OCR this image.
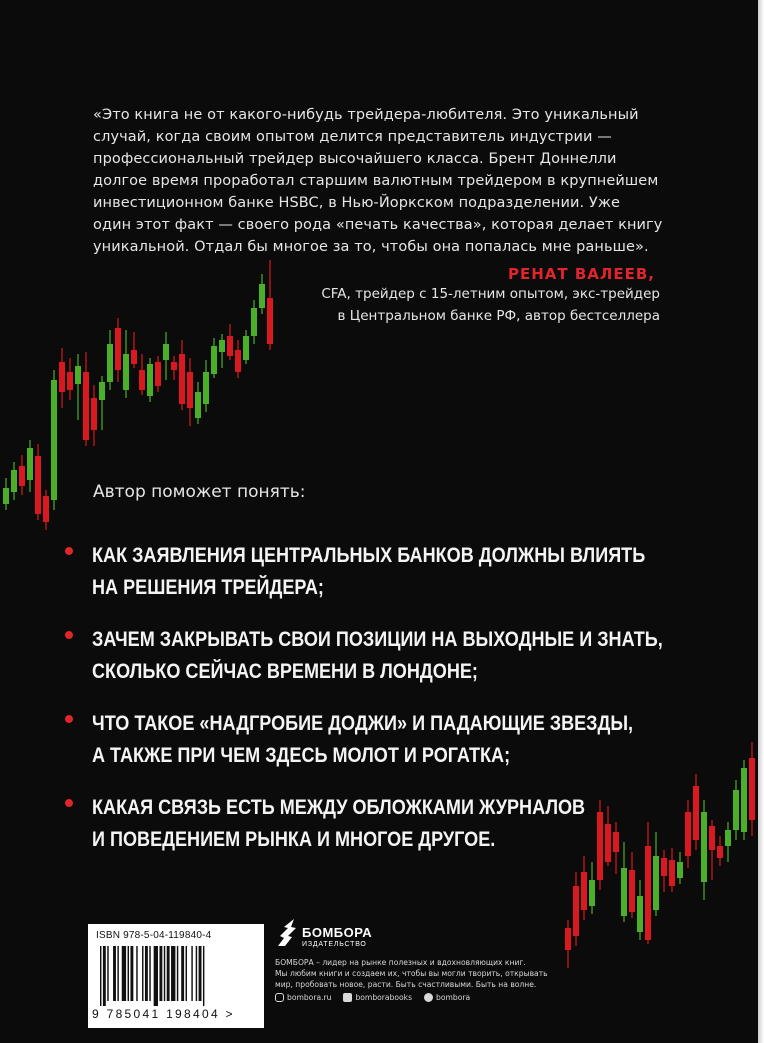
«Это книга не от какого-нибудь трейдера-любителя. Это уникальный
случай, когда своим опытом делится представитель индустрии —
профессиональный трейдер высочайшего класса. Брент Доннелли
долгое время проработал старшим валютным трейдером в крупнейшем
инвестиционном банке HSBC, в Нью-Йоркском подразделении. Уже
один этот факт — своего рода «печать качества», которая делает книгу
уникальной. Отдал бы многое за то, чтобы она попалась мне раньше».
РЕНАТ ВАЛЕЕВ,
CFA, трейдер с 15-летним опытом, экс-трейдер
в Центральном банке РФ, автор бестселлера
Автор поможет понять:
КАК ЗАЯВЛЕНИЯ ЦЕНТРАЛЬНЫХ БАНКОВ ДОЛЖНЫ ВЛИЯТЬ
НА РЕШЕНИЯ ТРЕЙДЕРА;
ЗАЧЕМ ЗАКРЫВАТЬ СВОИ ПОЗИЦИИ НА ВЫХОДНЫЕ И ЗНАТЬ,
СКОЛЬКО СЕЙЧАС ВРЕМЕНИ В ЛОНДОНЕ;
ЧТО ТАКОЕ «НАДГРОБИЕ ДОДЖИ» И ПАДАЮЩИЕ ЗВЕЗДЫ,
А ТАКЖЕ ПРИ ЧЕМ ЗДЕСЬ МОЛОТ И РОГАТКА;
КАКАЯ СВЯЗЬ ЕСТЬ МЕЖДУ ОБЛОЖКАМИ ЖУРНАЛОВ
И ПОВЕДЕНИЕМ РЫНКА И МНОГОЕ ДРУГОЕ.
ISBN 978-5-04-119840-4
9 785041 198404 >
БОМБОРА
ИЗДАТЕЛЬСТВО
БОМБОРА – лидер на рынке полезных и вдохновляющих книг.
Мы любим книги и создаем их, чтобы вы могли творить, открывать
мир, пробовать новое, расти. Быть счастливыми. Быть на волне.
bombora.ru	bomborabooks	bombora
